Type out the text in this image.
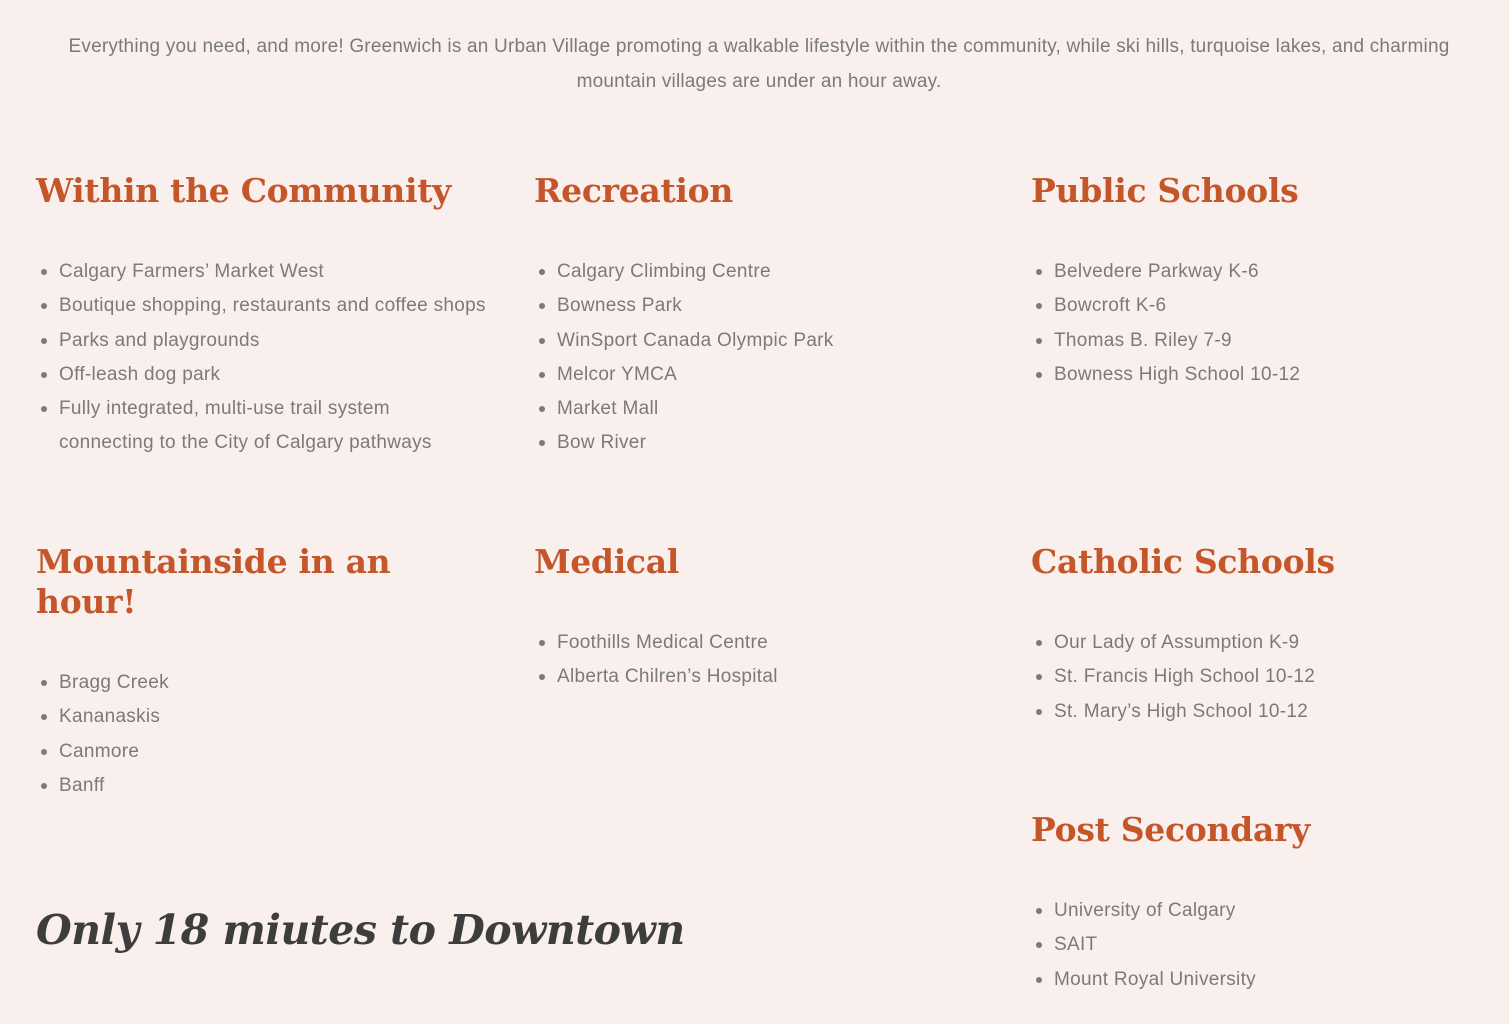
Everything you need, and more! Greenwich is an Urban Village promoting a walkable lifestyle within the community, while ski hills, turquoise lakes, and charming mountain villages are under an hour away.

Within the Community
Calgary Farmers’ Market West
Boutique shopping, restaurants and coffee shops
Parks and playgrounds
Off-leash dog park
Fully integrated, multi-use trail system connecting to the City of Calgary pathways
Recreation
Calgary Climbing Centre
Bowness Park
WinSport Canada Olympic Park
Melcor YMCA
Market Mall
Bow River
Public Schools
Belvedere Parkway K-6
Bowcroft K-6
Thomas B. Riley 7-9
Bowness High School 10-12
Mountainside in an hour!
Bragg Creek
Kananaskis
Canmore
Banff
Medical
Foothills Medical Centre
Alberta Chilren’s Hospital
Catholic Schools
Our Lady of Assumption K-9
St. Francis High School 10-12
St. Mary’s High School 10-12
Post Secondary
University of Calgary
SAIT
Mount Royal University
Only 18 miutes to Downtown
